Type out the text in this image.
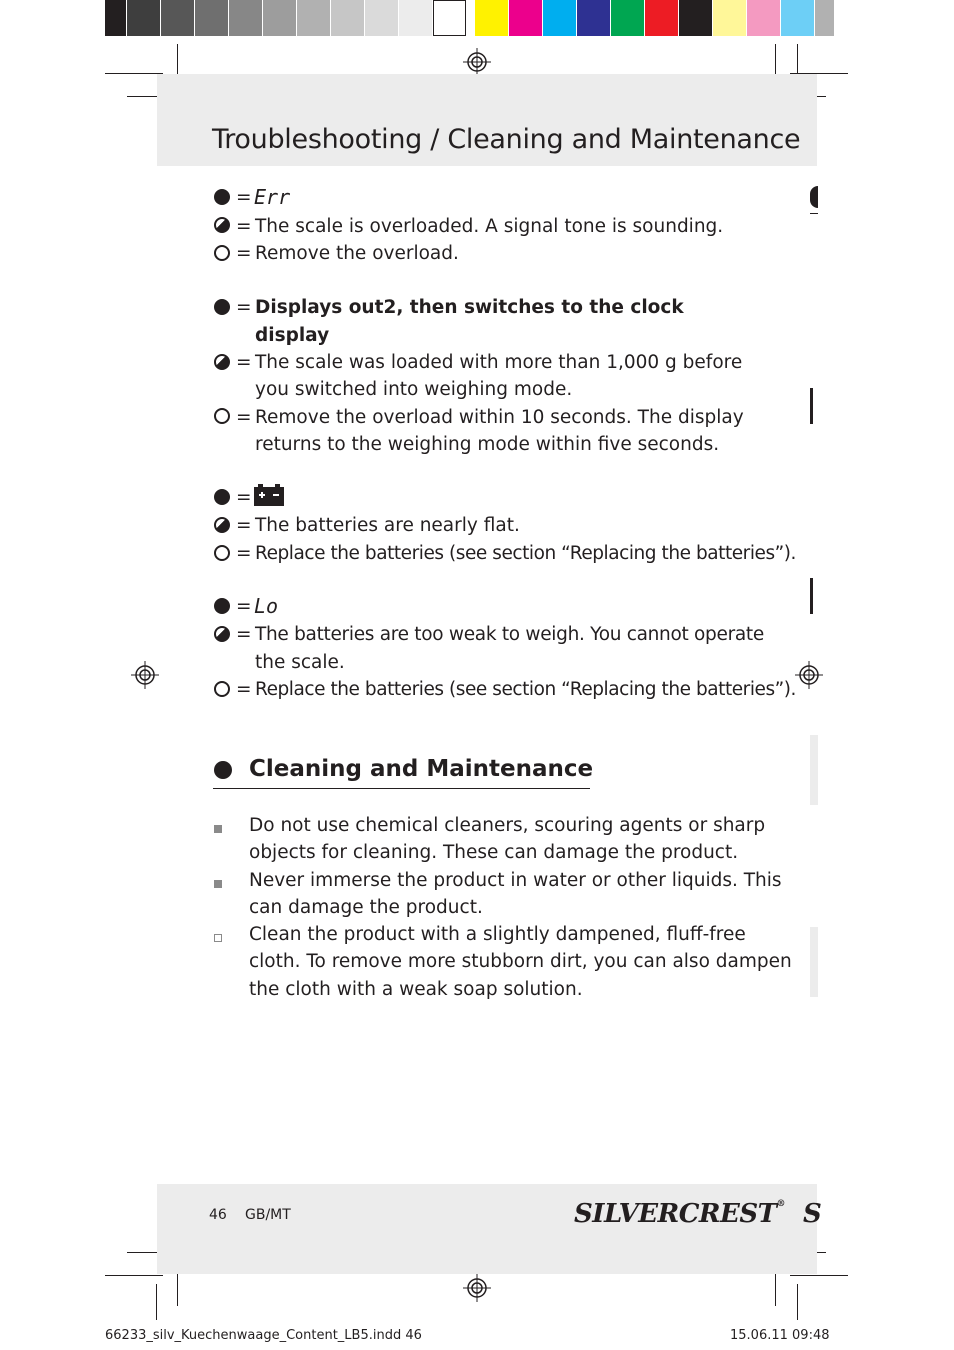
Troubleshooting / Cleaning and Maintenance
= Err
= The scale is overloaded. A signal tone is sounding.
= Remove the overload.
= Displays out2, then switches to the clock
display
= The scale was loaded with more than 1,000 g before
you switched into weighing mode.
= Remove the overload within 10 seconds. The display
returns to the weighing mode within five seconds.
=
= The batteries are nearly flat.
= Replace the batteries (see section “Replacing the batteries”).
= Lo
= The batteries are too weak to weigh. You cannot operate
the scale.
= Replace the batteries (see section “Replacing the batteries”).
Cleaning and Maintenance
Do not use chemical cleaners, scouring agents or sharp
objects for cleaning. These can damage the product.
Never immerse the product in water or other liquids. This
can damage the product.
Clean the product with a slightly dampened, fluff-free
cloth. To remove more stubborn dirt, you can also dampen
the cloth with a weak soap solution.
46 GB/MT	SILVERCREST® S
66233_silv_Kuechenwaage_Content_LB5.indd 46	15.06.11 09:48
